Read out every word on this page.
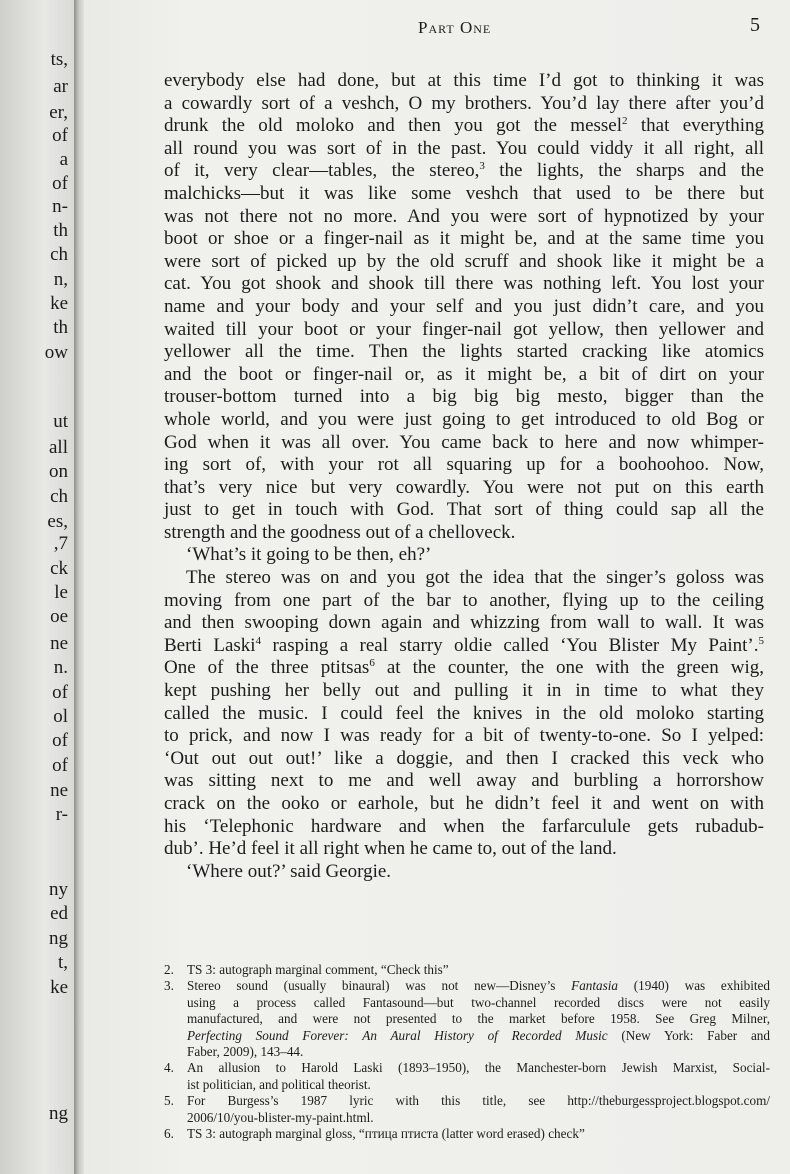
ts,
ar
er,
of
a
of
n-
th
ch
n,
ke
th
ow
ut
all
on
ch
es,
,7
ck
le
oe
ne
n.
of
ol
of
of
ne
r-
ny
ed
ng
t,
ke
ng
Part One	5
everybody else had done, but at this time I’d got to thinking it was
a cowardly sort of a veshch, O my brothers. You’d lay there after you’d
drunk the old moloko and then you got the messel$^2$ that everything
all round you was sort of in the past. You could viddy it all right, all
of it, very clear—tables, the stereo,$^3$ the lights, the sharps and the
malchicks—but it was like some veshch that used to be there but
was not there not no more. And you were sort of hypnotized by your
boot or shoe or a finger-nail as it might be, and at the same time you
were sort of picked up by the old scruff and shook like it might be a
cat. You got shook and shook till there was nothing left. You lost your
name and your body and your self and you just didn’t care, and you
waited till your boot or your finger-nail got yellow, then yellower and
yellower all the time. Then the lights started cracking like atomics
and the boot or finger-nail or, as it might be, a bit of dirt on your
trouser-bottom turned into a big big big mesto, bigger than the
whole world, and you were just going to get introduced to old Bog or
God when it was all over. You came back to here and now whimper-
ing sort of, with your rot all squaring up for a boohoohoo. Now,
that’s very nice but very cowardly. You were not put on this earth
just to get in touch with God. That sort of thing could sap all the
strength and the goodness out of a chelloveck.
‘What’s it going to be then, eh?’
The stereo was on and you got the idea that the singer’s goloss was
moving from one part of the bar to another, flying up to the ceiling
and then swooping down again and whizzing from wall to wall. It was
Berti Laski$^4$ rasping a real starry oldie called ‘You Blister My Paint’.$^5$
One of the three ptitsas$^6$ at the counter, the one with the green wig,
kept pushing her belly out and pulling it in in time to what they
called the music. I could feel the knives in the old moloko starting
to prick, and now I was ready for a bit of twenty-to-one. So I yelped:
‘Out out out out!’ like a doggie, and then I cracked this veck who
was sitting next to me and well away and burbling a horrorshow
crack on the ooko or earhole, but he didn’t feel it and went on with
his ‘Telephonic hardware and when the farfarculule gets rubadub-
dub’. He’d feel it all right when he came to, out of the land.
‘Where out?’ said Georgie.
2. TS 3: autograph marginal comment, “Check this”
3. Stereo sound (usually binaural) was not new—Disney’s Fantasia (1940) was exhibited
using a process called Fantasound—but two-channel recorded discs were not easily
manufactured, and were not presented to the market before 1958. See Greg Milner,
Perfecting Sound Forever: An Aural History of Recorded Music (New York: Faber and
Faber, 2009), 143–44.
4. An allusion to Harold Laski (1893–1950), the Manchester-born Jewish Marxist, Social-
ist politician, and political theorist.
5. For Burgess’s 1987 lyric with this title, see http://theburgessproject.blogspot.com/
2006/10/you-blister-my-paint.html.
6. TS 3: autograph marginal gloss, “птица птиста (latter word erased) check”
